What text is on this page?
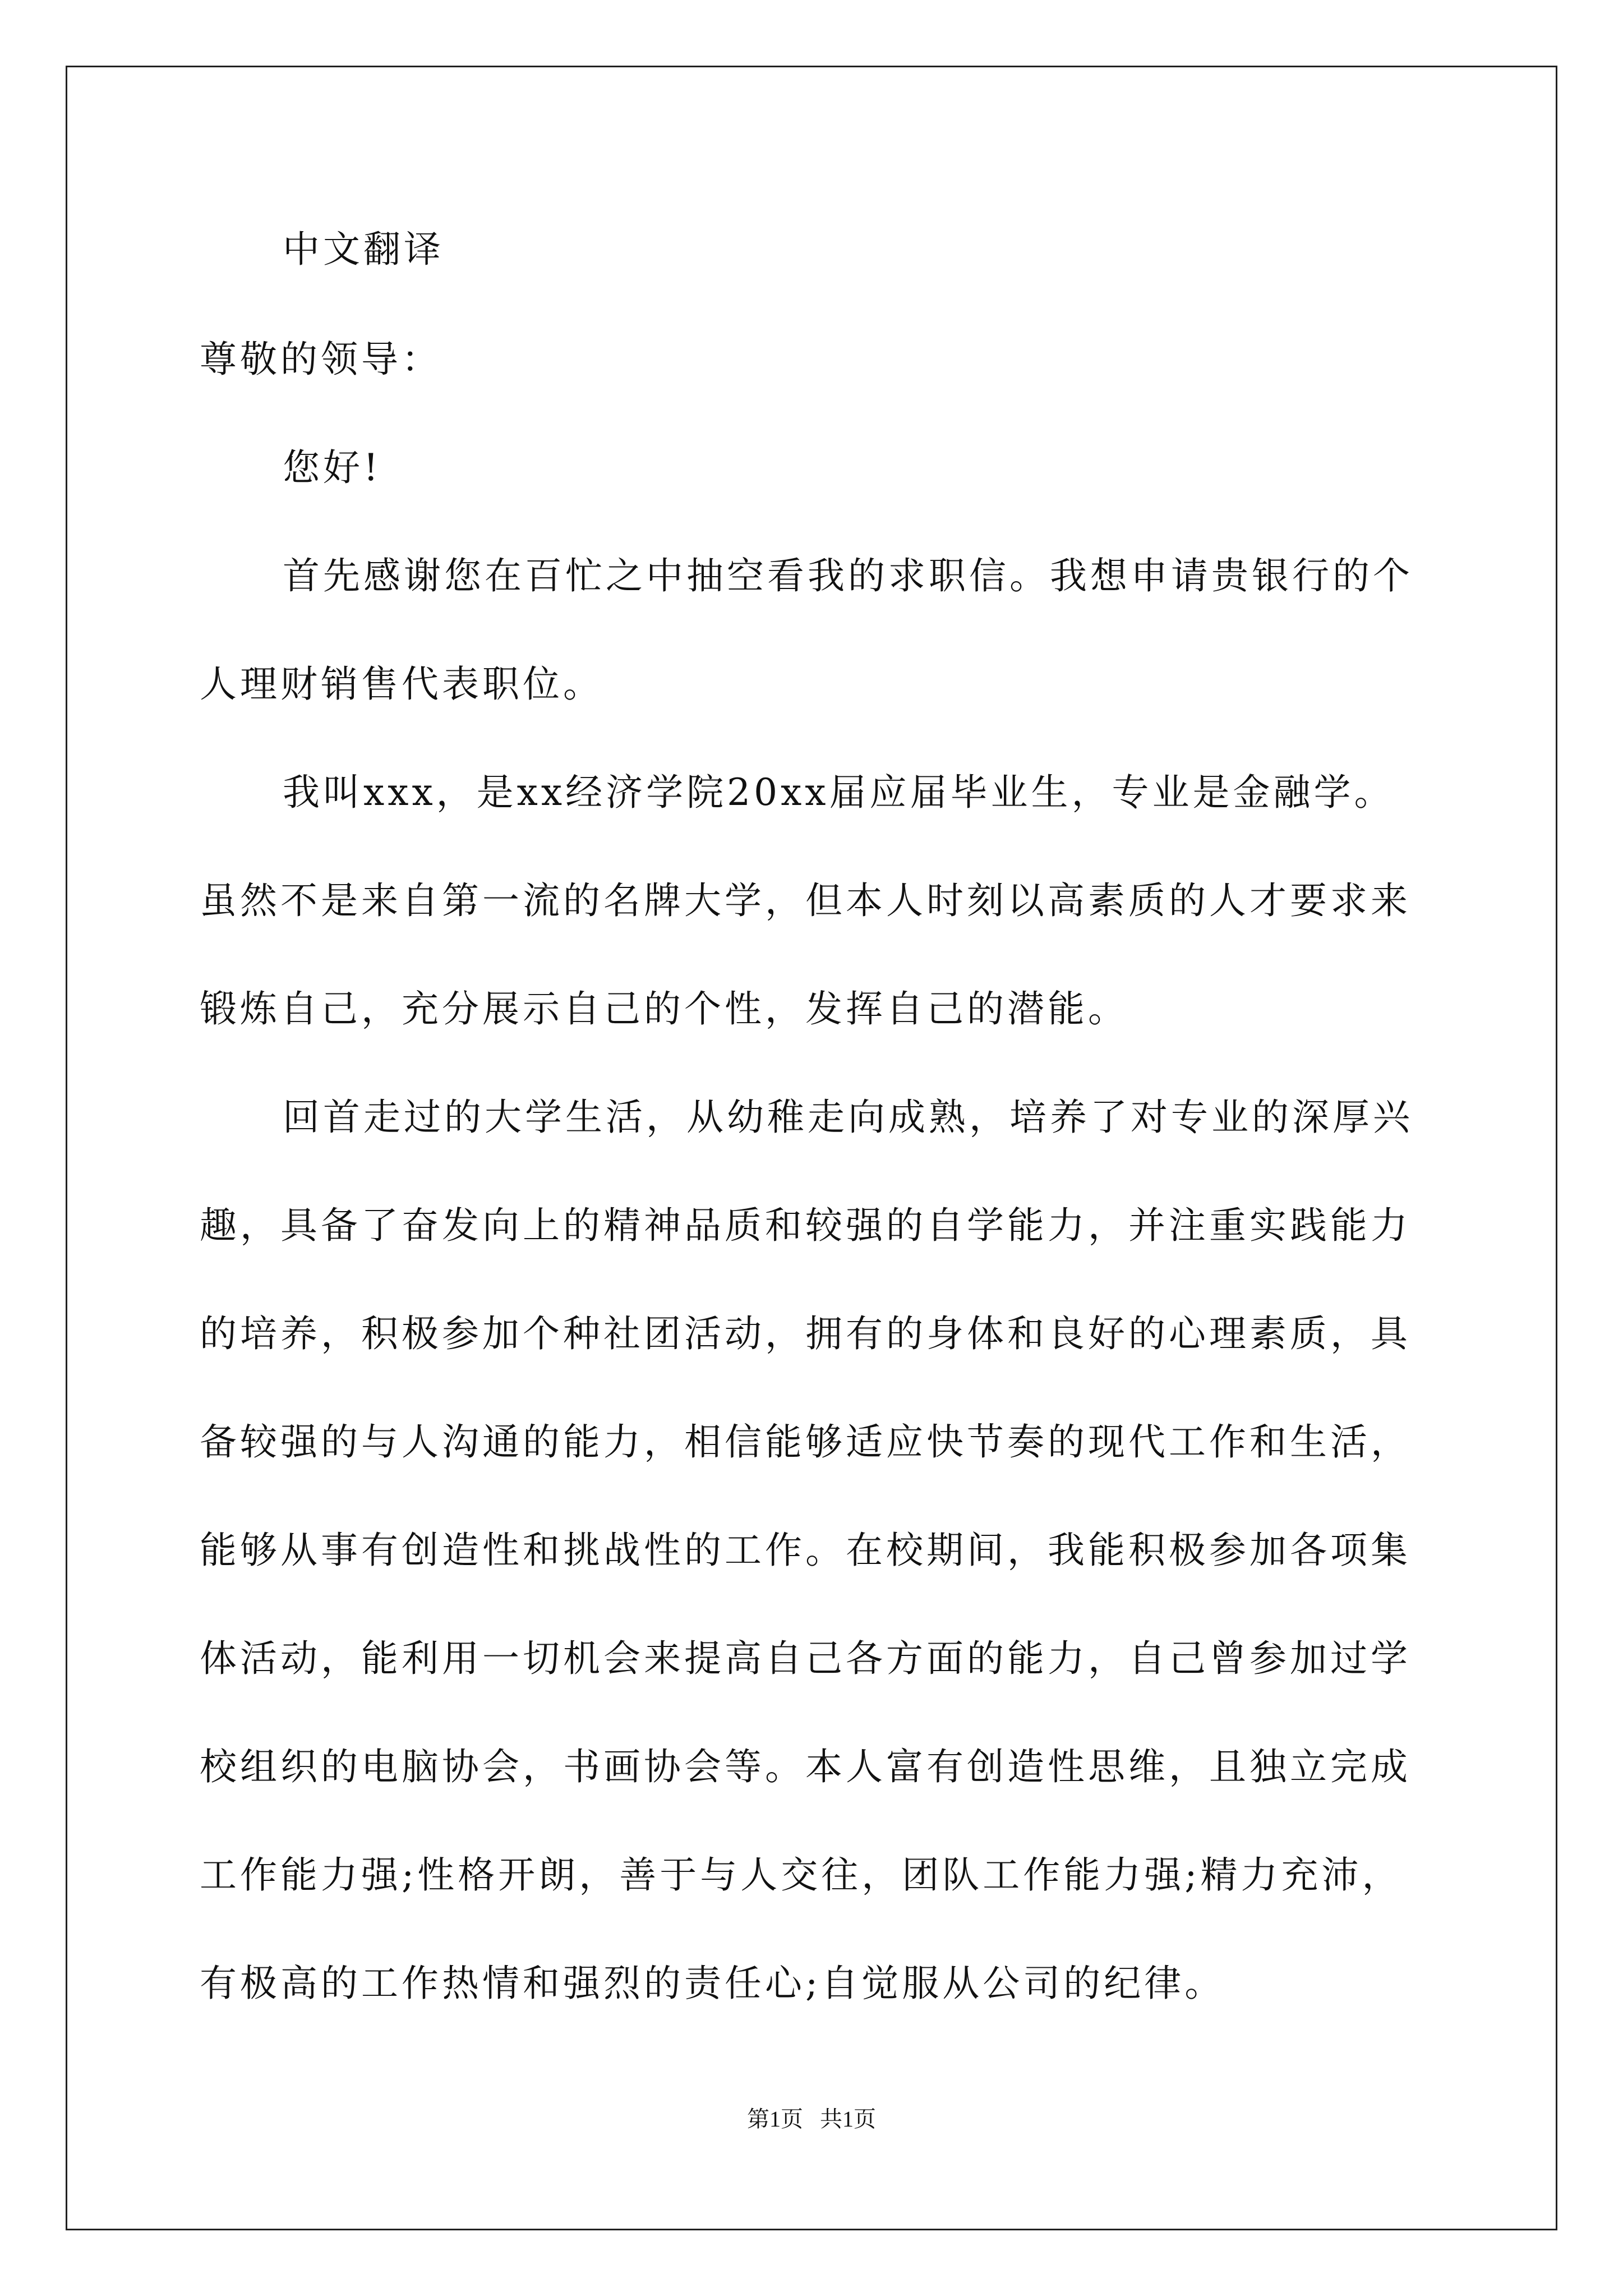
中文翻译
尊敬的领导：
您好!
首先感谢您在百忙之中抽空看我的求职信。我想申请贵银行的个
人理财销售代表职位。
我叫xxx，是xx经济学院20xx届应届毕业生，专业是金融学。
虽然不是来自第一流的名牌大学，但本人时刻以高素质的人才要求来
锻炼自己，充分展示自己的个性，发挥自己的潜能。
回首走过的大学生活，从幼稚走向成熟，培养了对专业的深厚兴
趣，具备了奋发向上的精神品质和较强的自学能力，并注重实践能力
的培养，积极参加个种社团活动，拥有的身体和良好的心理素质，具
备较强的与人沟通的能力，相信能够适应快节奏的现代工作和生活，
能够从事有创造性和挑战性的工作。在校期间，我能积极参加各项集
体活动，能利用一切机会来提高自己各方面的能力，自己曾参加过学
校组织的电脑协会，书画协会等。本人富有创造性思维，且独立完成
工作能力强;性格开朗，善于与人交往，团队工作能力强;精力充沛，
有极高的工作热情和强烈的责任心;自觉服从公司的纪律。
第1页   共1页
